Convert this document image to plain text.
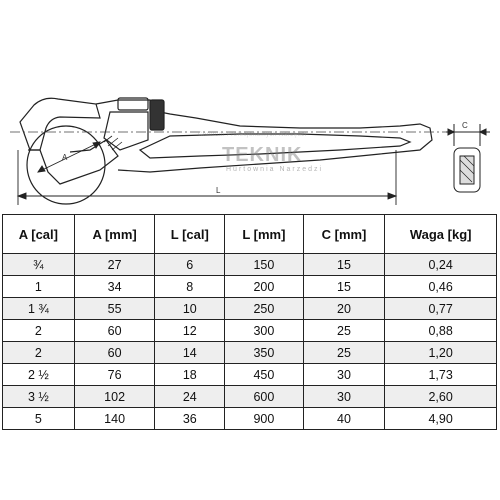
A
L
C
Centrum Profesjonalnych Narzędzi
TEKNIK
Hurtownia Narzedzi
A [cal]	A [mm]	L [cal]	L [mm]	C [mm]	Waga [kg]
¾	27	6	150	15	0,24
1	34	8	200	15	0,46
1 ¾	55	10	250	20	0,77
2	60	12	300	25	0,88
2	60	14	350	25	1,20
2 ½	76	18	450	30	1,73
3 ½	102	24	600	30	2,60
5	140	36	900	40	4,90
